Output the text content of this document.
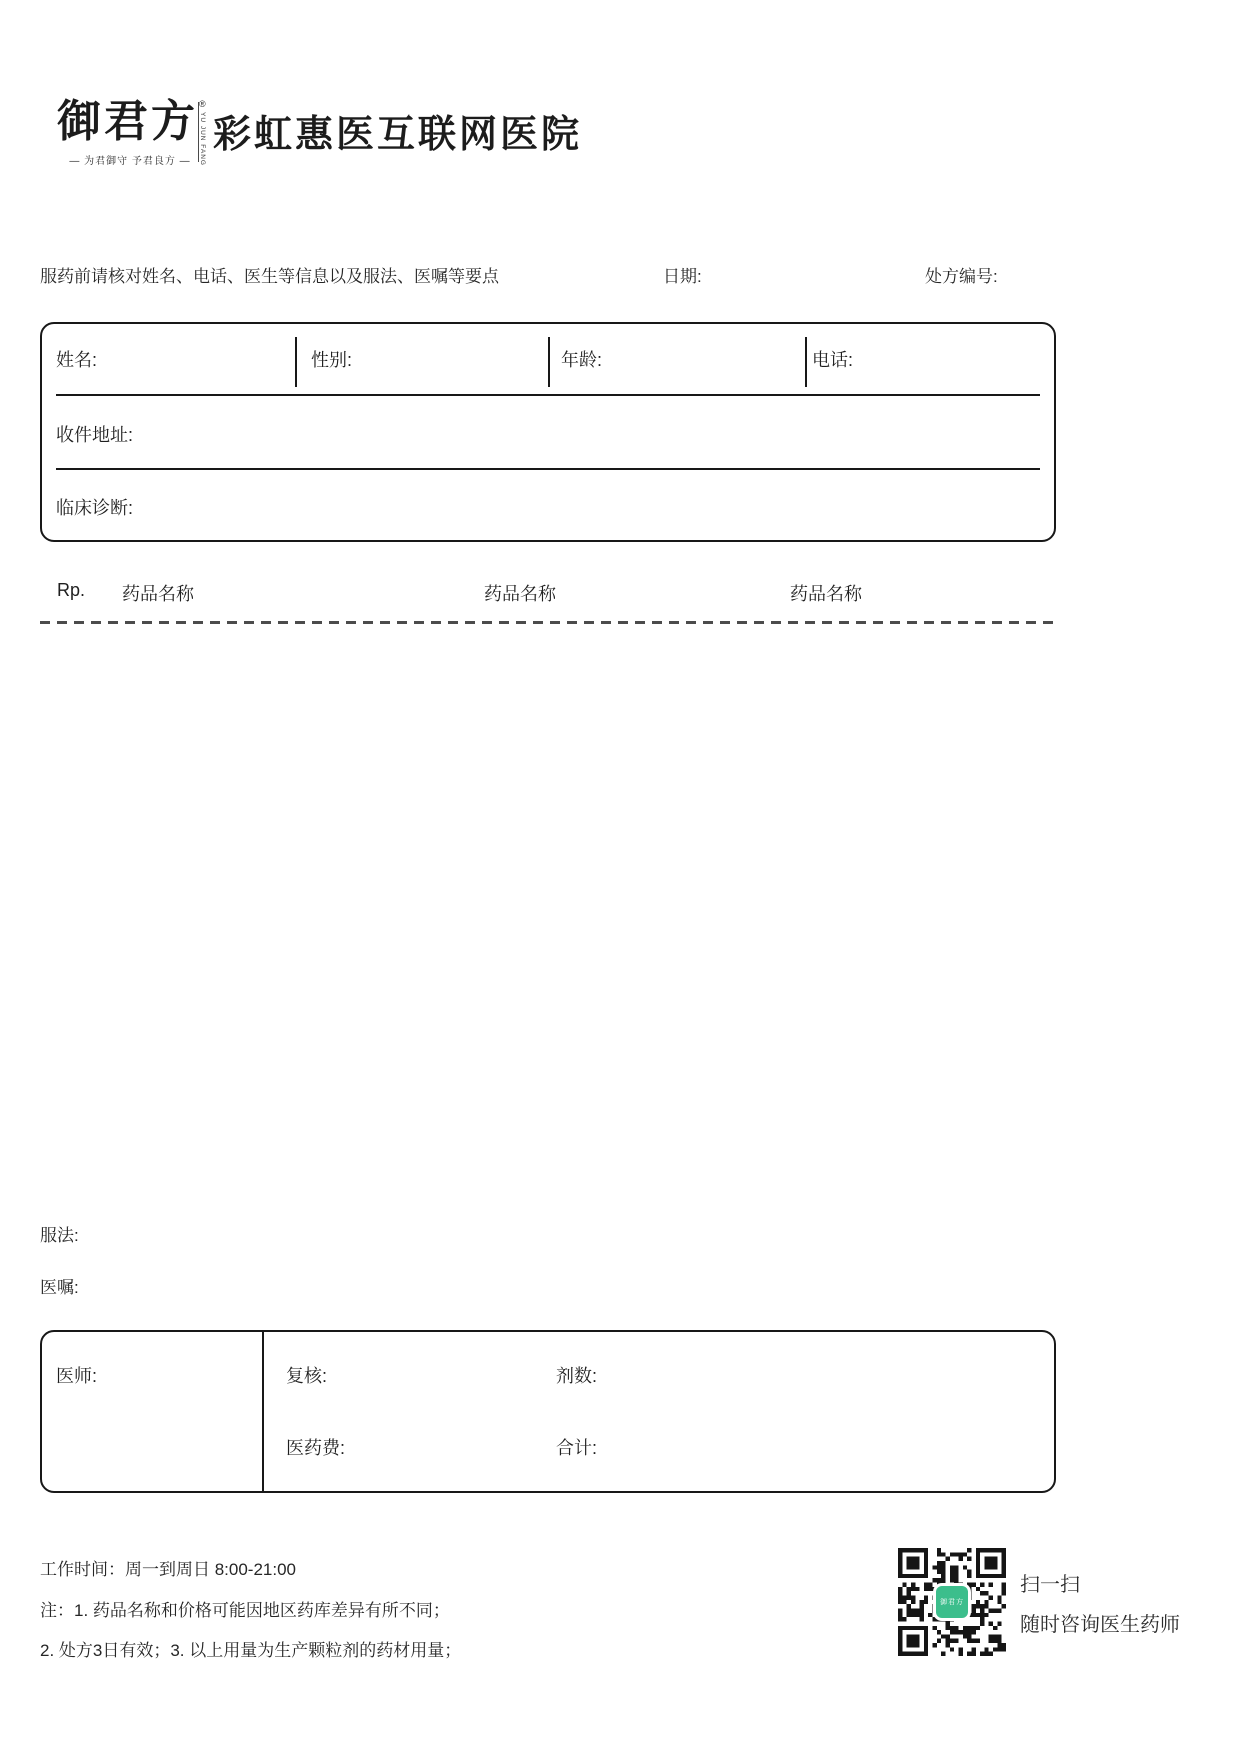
御君方 ®
YU JUN FANG
— 为君御守 予君良方 —
彩虹惠医互联网医院
服药前请核对姓名、电话、医生等信息以及服法、医嘱等要点	日期:	处方编号:
姓名:	性别:	年龄:	电话:
收件地址:
临床诊断:
Rp. 药品名称	药品名称	药品名称
服法:
医嘱:
医师:	复核:	剂数:
医药费:	合计:
工作时间：周一到周日 8:00-21:00
注：1. 药品名称和价格可能因地区药库差异有所不同；
2. 处方3日有效；3. 以上用量为生产颗粒剂的药材用量；
御君方
扫一扫
随时咨询医生药师
